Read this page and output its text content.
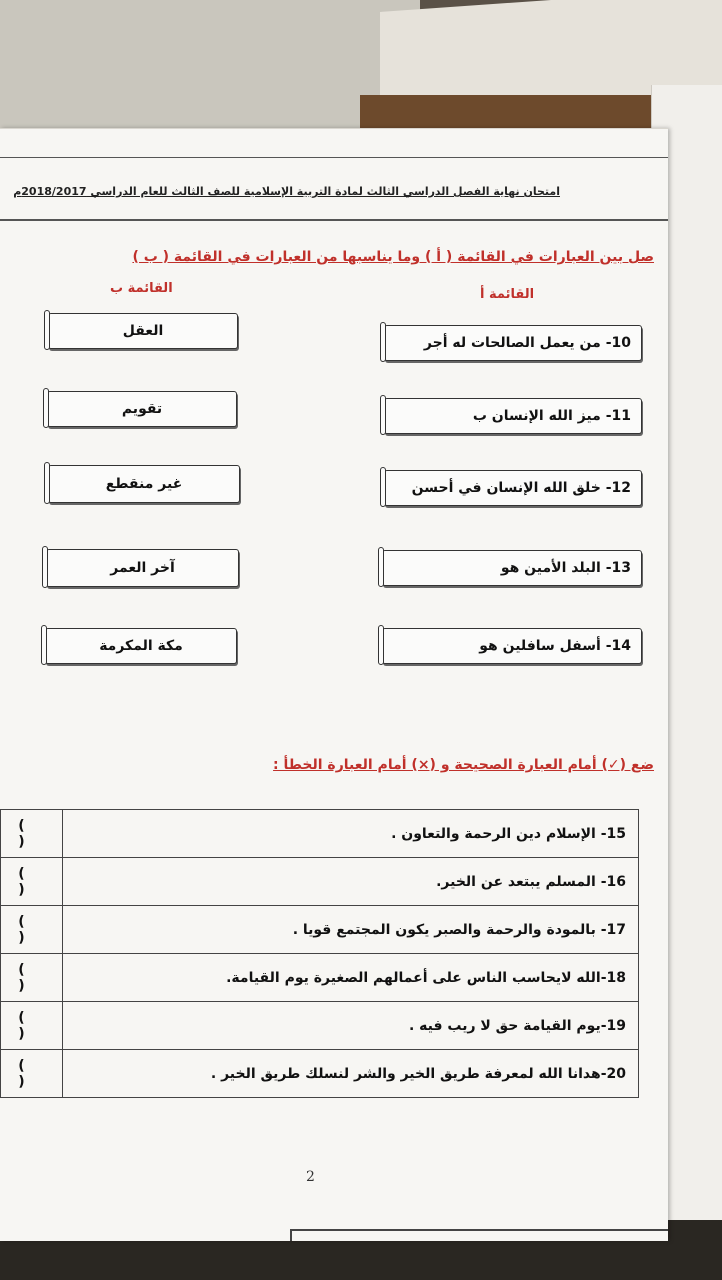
امتحان نهاية الفصل الدراسي الثالث لمادة التربية الإسلامية للصف الثالث للعام الدراسي 2018/2017م
صل بين العبارات في القائمة ( أ ) وما يناسبها من العبارات في القائمة ( ب )
القائمة ب	القائمة أ
10- من يعمل الصالحات له أجر
11- ميز الله الإنسان ب
12- خلق الله الإنسان في أحسن
13- البلد الأمين هو
14- أسفل سافلين هو
العقل
تقويم
غير منقطع
آخر العمر
مكة المكرمة
ضع (✓) أمام العبارة الصحيحة و (×) أمام العبارة الخطأ :
( )	15- الإسلام دين الرحمة والتعاون .
( )	16- المسلم يبتعد عن الخير.
( )	17- بالمودة والرحمة والصبر يكون المجتمع قويا .
( )	18-الله لايحاسب الناس على أعمالهم الصغيرة يوم القيامة.
( )	19-يوم القيامة حق لا ريب فيه .
( )	20-هدانا الله لمعرفة طريق الخير والشر لنسلك طريق الخير .
2
